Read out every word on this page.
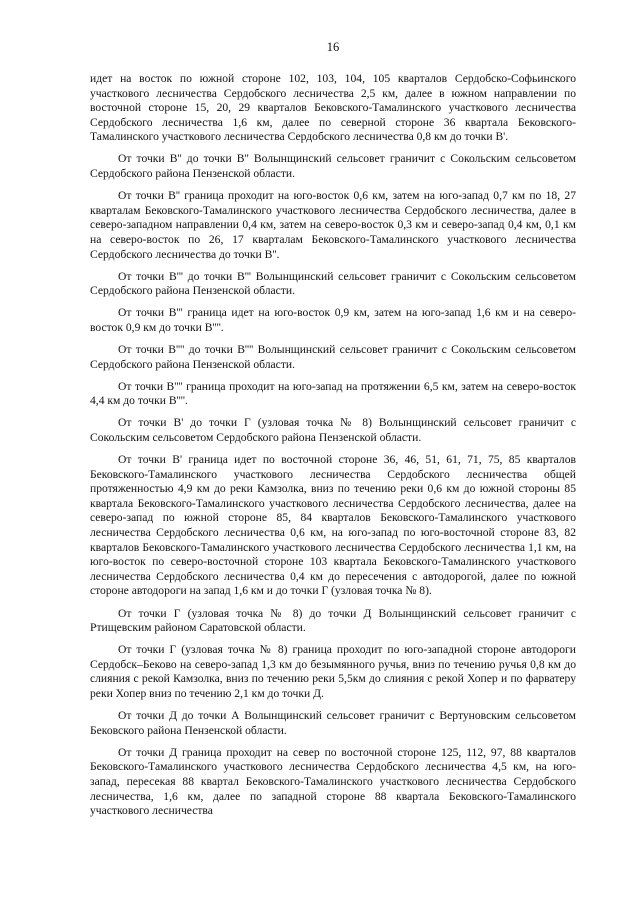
16

идет на восток по южной стороне 102, 103, 104, 105 кварталов Сердобско-Софьинского участкового лесничества Сердобского лесничества 2,5 км, далее в южном направлении по восточной стороне 15, 20, 29 кварталов Бековского-Тамалинского участкового лесничества Сердобского лесничества 1,6 км, далее по северной стороне 36 квартала Бековского-Тамалинского участкового лесничества Сердобского лесничества 0,8 км до точки В'.

От точки В'' до точки В'' Волынщинский сельсовет граничит с Сокольским сельсоветом Сердобского района Пензенской области.

От точки В'' граница проходит на юго-восток 0,6 км, затем на юго-запад 0,7 км по 18, 27 кварталам Бековского-Тамалинского участкового лесничества Сердобского лесничества, далее в северо-западном направлении 0,4 км, затем на северо-восток 0,3 км и северо-запад 0,4 км, 0,1 км на северо-восток по 26, 17 кварталам Бековского-Тамалинского участкового лесничества Сердобского лесничества до точки В''.

От точки В''' до точки В''' Волынщинский сельсовет граничит с Сокольским сельсоветом Сердобского района Пензенской области.

От точки В''' граница идет на юго-восток 0,9 км, затем на юго-запад 1,6 км и на северо-восток 0,9 км до точки В''''.

От точки В'''' до точки В'''' Волынщинский сельсовет граничит с Сокольским сельсоветом Сердобского района Пензенской области.

От точки В'''' граница проходит на юго-запад на протяжении 6,5 км, затем на северо-восток 4,4 км до точки В''''.

От точки В' до точки Г (узловая точка № 8) Волынщинский сельсовет граничит с Сокольским сельсоветом Сердобского района Пензенской области.

От точки В' граница идет по восточной стороне 36, 46, 51, 61, 71, 75, 85 кварталов Бековского-Тамалинского участкового лесничества Сердобского лесничества общей протяженностью 4,9 км до реки Камзолка, вниз по течению реки 0,6 км до южной стороны 85 квартала Бековского-Тамалинского участкового лесничества Сердобского лесничества, далее на северо-запад по южной стороне 85, 84 кварталов Бековского-Тамалинского участкового лесничества Сердобского лесничества 0,6 км, на юго-запад по юго-восточной стороне 83, 82 кварталов Бековского-Тамалинского участкового лесничества Сердобского лесничества 1,1 км, на юго-восток по северо-восточной стороне 103 квартала Бековского-Тамалинского участкового лесничества Сердобского лесничества 0,4 км до пересечения с автодорогой, далее по южной стороне автодороги на запад 1,6 км и до точки Г (узловая точка № 8).

От точки Г (узловая точка № 8) до точки Д Волынщинский сельсовет граничит с Ртищевским районом Саратовской области.

От точки Г (узловая точка № 8) граница проходит по юго-западной стороне автодороги Сердобск–Беково на северо-запад 1,3 км до безымянного ручья, вниз по течению ручья 0,8 км до слияния с рекой Камзолка, вниз по течению реки 5,5км до слияния с рекой Хопер и по фарватеру реки Хопер вниз по течению 2,1 км до точки Д.

От точки Д до точки А Волынщинский сельсовет граничит с Вертуновским сельсоветом Бековского района Пензенской области.

От точки Д граница проходит на север по восточной стороне 125, 112, 97, 88 кварталов Бековского-Тамалинского участкового лесничества Сердобского лесничества 4,5 км, на юго-запад, пересекая 88 квартал Бековского-Тамалинского участкового лесничества Сердобского лесничества, 1,6 км, далее по западной стороне 88 квартала Бековского-Тамалинского участкового лесничества
